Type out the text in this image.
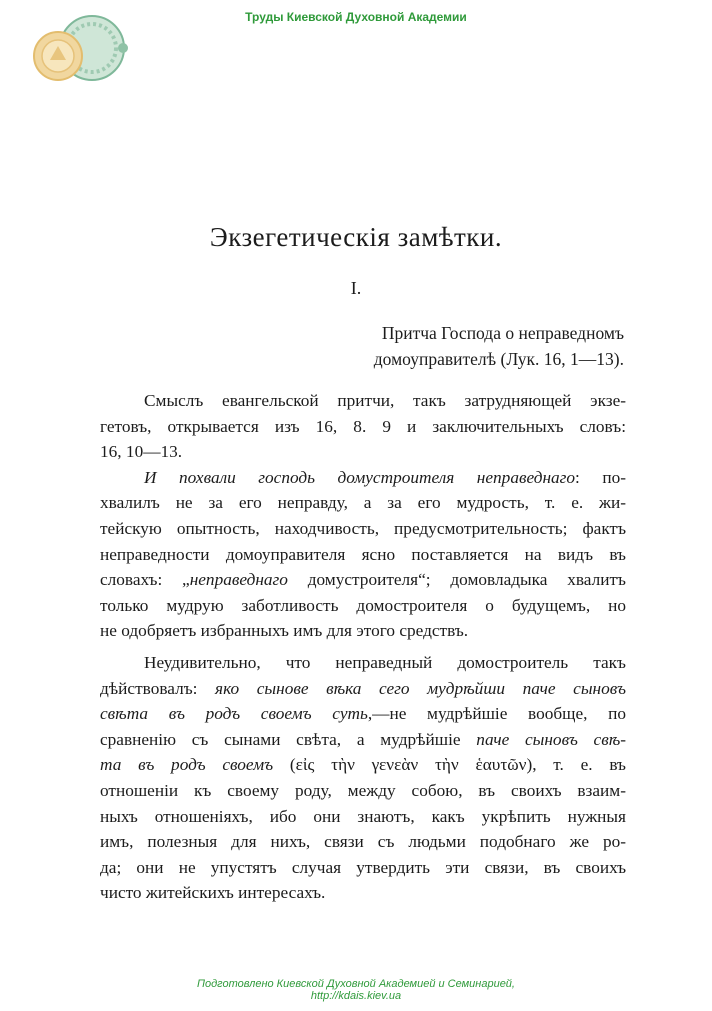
Труды Киевской Духовной Академии
Экзегетическія замѣтки.
I.
Притча Господа о неправедномъ
домоуправителѣ (Лук. 16, 1—13).
Смыслъ евангельской притчи, такъ затрудняющей экзе-
гетовъ, открывается изъ 16, 8. 9 и заключительныхъ словъ:
16, 10—13.
И похвали господь домустроителя неправеднаго: по-
хвалилъ не за его неправду, а за его мудрость, т. е. жи-
тейскую опытность, находчивость, предусмотрительность; фактъ
неправедности домоуправителя ясно поставляется на видъ въ
словахъ: „неправеднаго домустроителя“; домовладыка хвалитъ
только мудрую заботливость домостроителя о будущемъ, но
не одобряетъ избранныхъ имъ для этого средствъ.
Неудивительно, что неправедный домостроитель такъ
дѣйствовалъ: яко сынове вѣка сего мудрѣйши паче сыновъ
свѣта въ родъ своемъ суть,—не мудрѣйшіе вообще, по
сравненію съ сынами свѣта, а мудрѣйшіе паче сыновъ свѣ-
та въ родъ своемъ (εἰς τὴν γενεὰν τὴν ἑαυτῶν), т. е. въ
отношеніи къ своему роду, между собою, въ своихъ взаим-
ныхъ отношеніяхъ, ибо они знаютъ, какъ укрѣпить нужныя
имъ, полезныя для нихъ, связи съ людьми подобнаго же ро-
да; они не упустятъ случая утвердить эти связи, въ своихъ
чисто житейскихъ интересахъ.
Подготовлено Киевской Духовной Академией и Семинарией,
http://kdais.kiev.ua
